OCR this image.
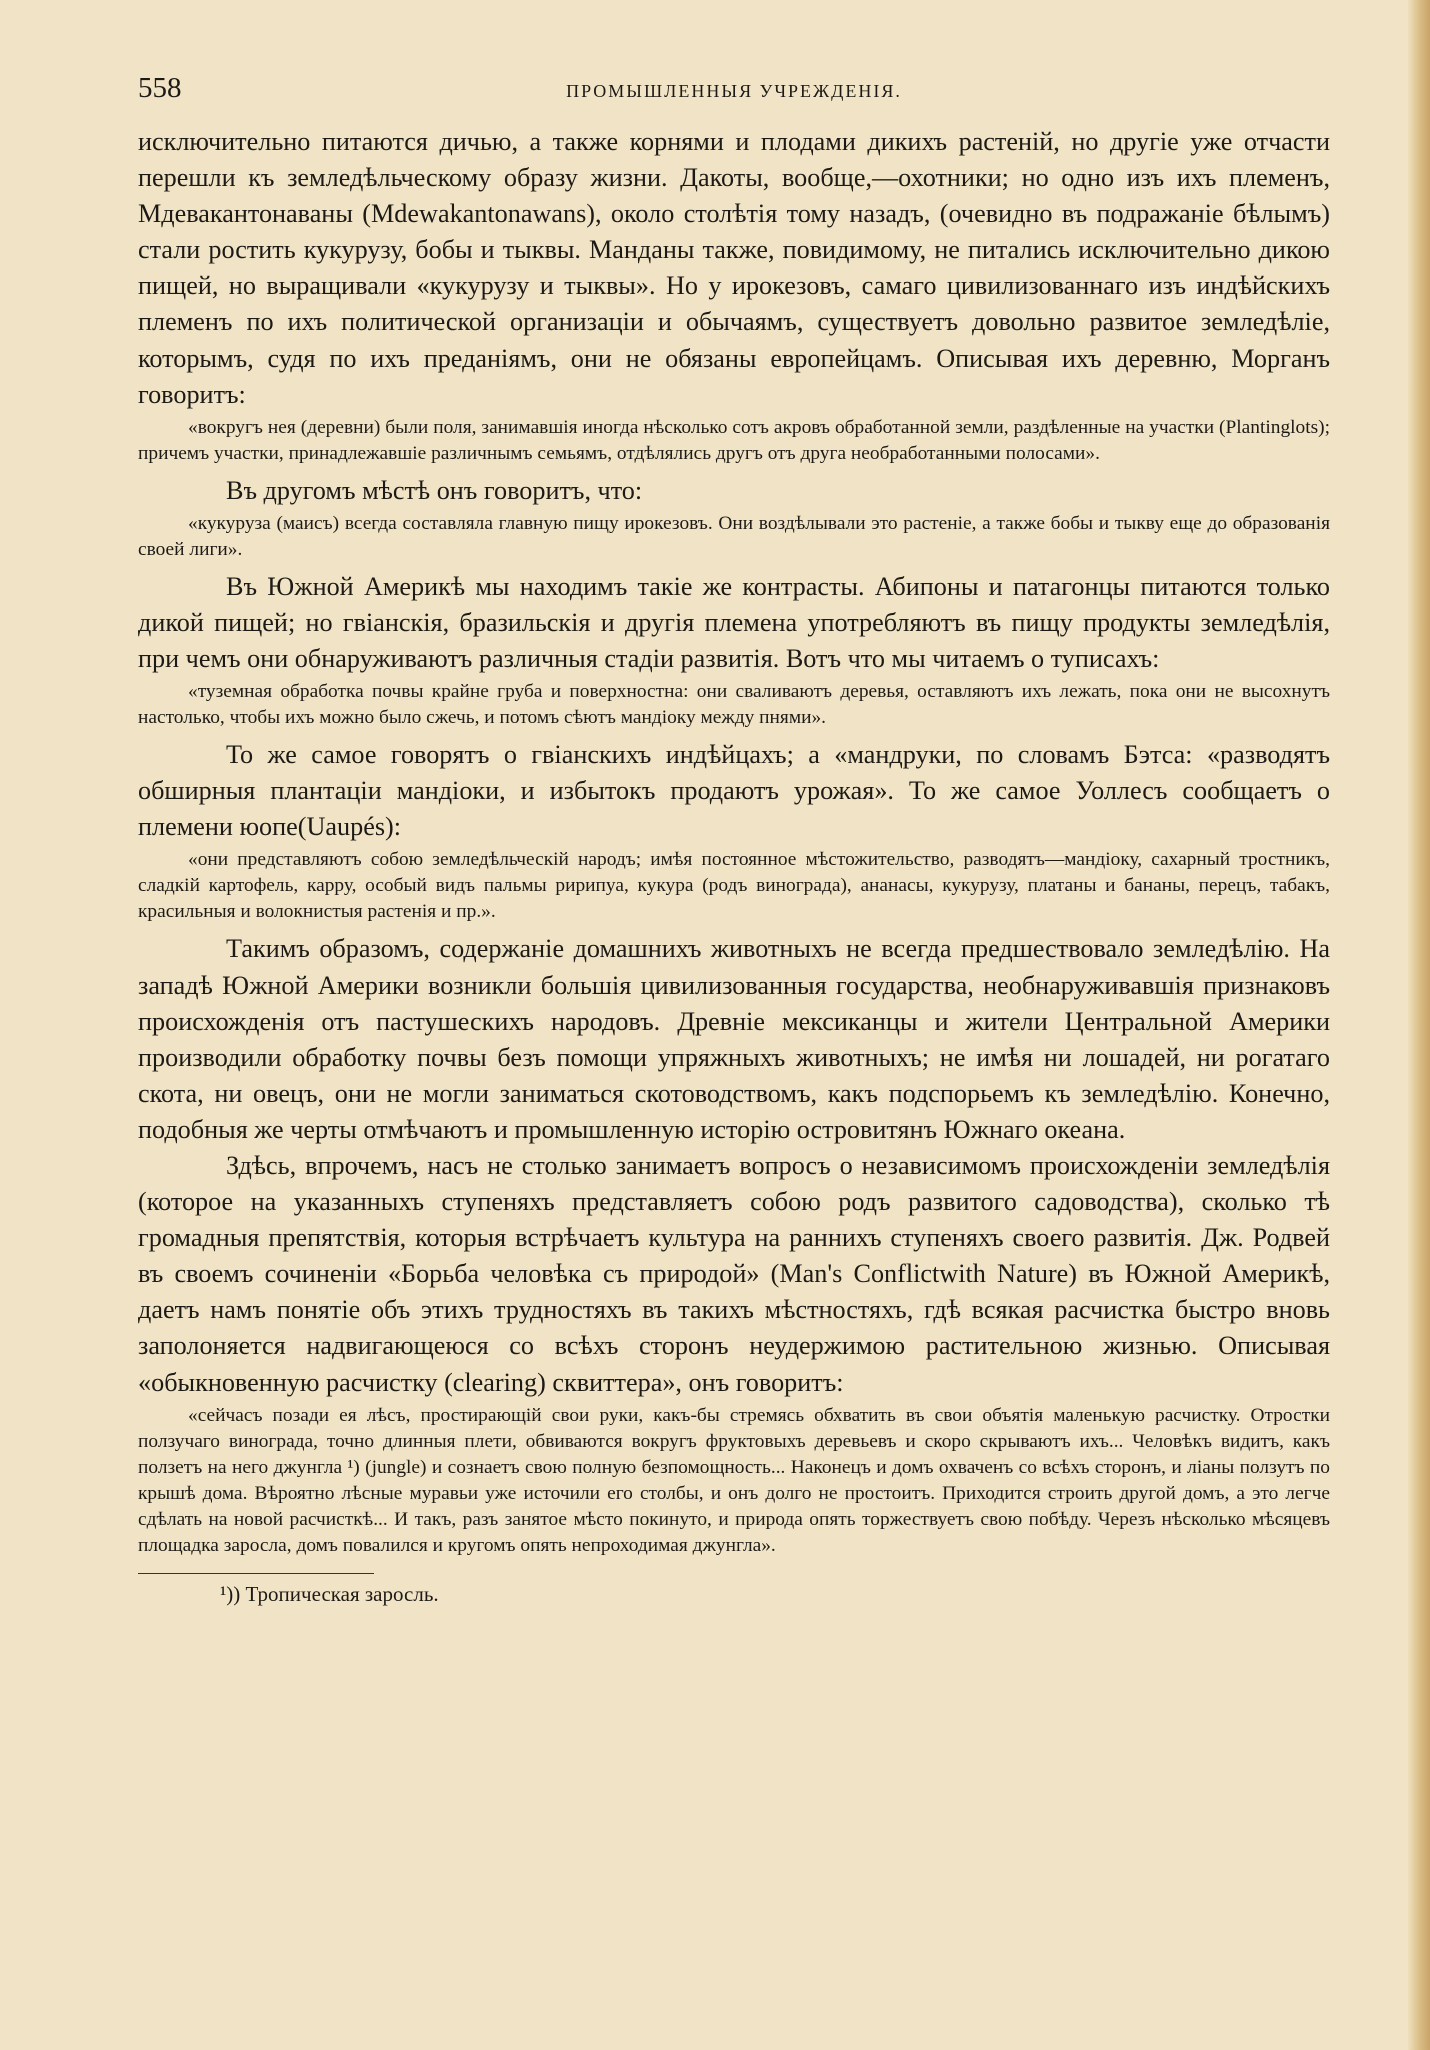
558	ПРОМЫШЛЕННЫЯ УЧРЕЖДЕНІЯ.

исключительно питаются дичью, а также корнями и плодами дикихъ растеній, но другіе уже отчасти перешли къ земледѣльческому образу жизни. Дакоты, вообще,—охотники; но одно изъ ихъ племенъ, Мдевакантонаваны (Mdewakantonawans), около столѣтія тому назадъ, (очевидно въ подражаніе бѣлымъ) стали ростить кукурузу, бобы и тыквы. Манданы также, повидимому, не питались исключительно дикою пищей, но выращивали «кукурузу и тыквы». Но у ирокезовъ, самаго цивилизованнаго изъ индѣйскихъ племенъ по ихъ политической организаціи и обычаямъ, существуетъ довольно развитое земледѣліе, которымъ, судя по ихъ преданіямъ, они не обязаны европейцамъ. Описывая ихъ деревню, Морганъ говоритъ:

«вокругъ нея (деревни) были поля, занимавшія иногда нѣсколько сотъ акровъ обработанной земли, раздѣленные на участки (Plantinglots); причемъ участки, принадлежавшіе различнымъ семьямъ, отдѣлялись другъ отъ друга необработанными полосами».

Въ другомъ мѣстѣ онъ говоритъ, что:

«кукуруза (маисъ) всегда составляла главную пищу ирокезовъ. Они воздѣлывали это растеніе, а также бобы и тыкву еще до образованія своей лиги».

Въ Южной Америкѣ мы находимъ такіе же контрасты. Абипоны и патагонцы питаются только дикой пищей; но гвіанскія, бразильскія и другія племена употребляютъ въ пищу продукты земледѣлія, при чемъ они обнаруживаютъ различныя стадіи развитія. Вотъ что мы читаемъ о туписахъ:

«туземная обработка почвы крайне груба и поверхностна: они сваливаютъ деревья, оставляютъ ихъ лежать, пока они не высохнутъ настолько, чтобы ихъ можно было сжечь, и потомъ сѣютъ мандіоку между пнями».

То же самое говорятъ о гвіанскихъ индѣйцахъ; а «мандруки, по словамъ Бэтса: «разводятъ обширныя плантаціи мандіоки, и избытокъ продаютъ урожая». То же самое Уоллесъ сообщаетъ о племени юопе(Uaupés):

«они представляютъ собою земледѣльческій народъ; имѣя постоянное мѣстожительство, разводятъ—мандіоку, сахарный тростникъ, сладкій картофель, карру, особый видъ пальмы ририпуа, кукура (родъ винограда), ананасы, кукурузу, платаны и бананы, перецъ, табакъ, красильныя и волокнистыя растенія и пр.».

Такимъ образомъ, содержаніе домашнихъ животныхъ не всегда предшествовало земледѣлію. На западѣ Южной Америки возникли большія цивилизованныя государства, необнаруживавшія признаковъ происхожденія отъ пастушескихъ народовъ. Древніе мексиканцы и жители Центральной Америки производили обработку почвы безъ помощи упряжныхъ животныхъ; не имѣя ни лошадей, ни рогатаго скота, ни овецъ, они не могли заниматься скотоводствомъ, какъ подспорьемъ къ земледѣлію. Конечно, подобныя же черты отмѣчаютъ и промышленную исторію островитянъ Южнаго океана.

Здѣсь, впрочемъ, насъ не столько занимаетъ вопросъ о независимомъ происхожденіи земледѣлія (которое на указанныхъ ступеняхъ представляетъ собою родъ развитого садоводства), сколько тѣ громадныя препятствія, которыя встрѣчаетъ культура на раннихъ ступеняхъ своего развитія. Дж. Родвей въ своемъ сочиненіи «Борьба человѣка съ природой» (Man's Conflictwith Nature) въ Южной Америкѣ, даетъ намъ понятіе объ этихъ трудностяхъ въ такихъ мѣстностяхъ, гдѣ всякая расчистка быстро вновь заполоняется надвигающеюся со всѣхъ сторонъ неудержимою растительною жизнью. Описывая «обыкновенную расчистку (clearing) сквиттера», онъ говоритъ:

«сейчасъ позади ея лѣсъ, простирающій свои руки, какъ-бы стремясь обхватить въ свои объятія маленькую расчистку. Отростки ползучаго винограда, точно длинныя плети, обвиваются вокругъ фруктовыхъ деревьевъ и скоро скрываютъ ихъ... Человѣкъ видитъ, какъ ползетъ на него джунгла ¹) (jungle) и сознаетъ свою полную безпомощность... Наконецъ и домъ охваченъ со всѣхъ сторонъ, и ліаны ползутъ по крышѣ дома. Вѣроятно лѣсные муравьи уже источили его столбы, и онъ долго не простоитъ. Приходится строить другой домъ, а это легче сдѣлать на новой расчисткѣ... И такъ, разъ занятое мѣсто покинуто, и природа опять торжествуетъ свою побѣду. Черезъ нѣсколько мѣсяцевъ площадка заросла, домъ повалился и кругомъ опять непроходимая джунгла».

¹)) Тропическая заросль.
